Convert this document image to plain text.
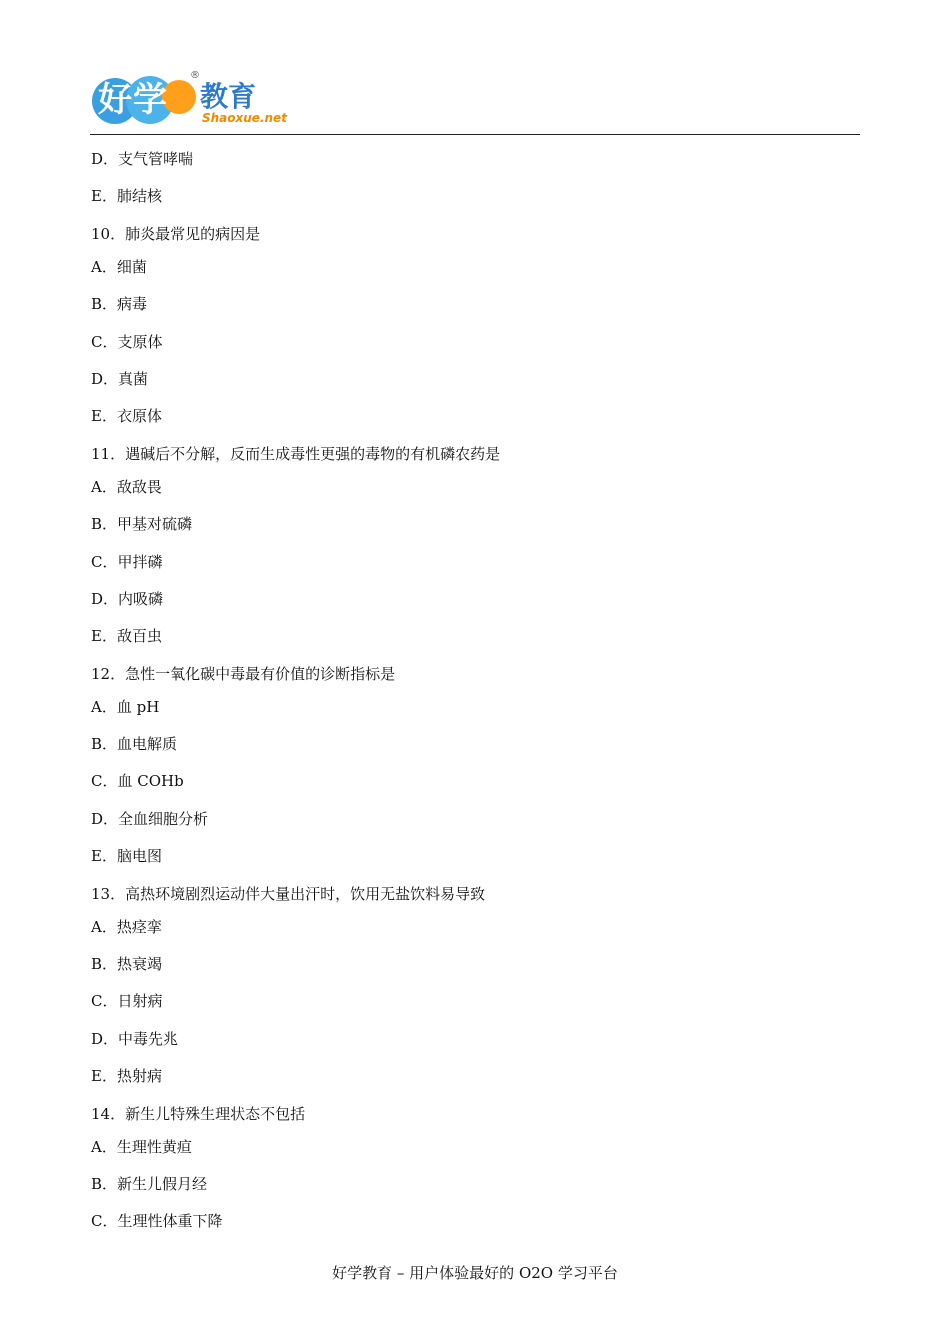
好学
®
教育
Shaoxue.net

D．支气管哮喘

E．肺结核

10．肺炎最常见的病因是

A．细菌

B．病毒

C．支原体

D．真菌

E．衣原体

11．遇碱后不分解，反而生成毒性更强的毒物的有机磷农药是

A．敌敌畏

B．甲基对硫磷

C．甲拌磷

D．内吸磷

E．敌百虫

12．急性一氧化碳中毒最有价值的诊断指标是

A．血 pH

B．血电解质

C．血 COHb

D．全血细胞分析

E．脑电图

13．高热环境剧烈运动伴大量出汗时，饮用无盐饮料易导致

A．热痉挛

B．热衰竭

C．日射病

D．中毒先兆

E．热射病

14．新生儿特殊生理状态不包括

A．生理性黄疸

B．新生儿假月经

C．生理性体重下降

好学教育 – 用户体验最好的 O2O 学习平台
